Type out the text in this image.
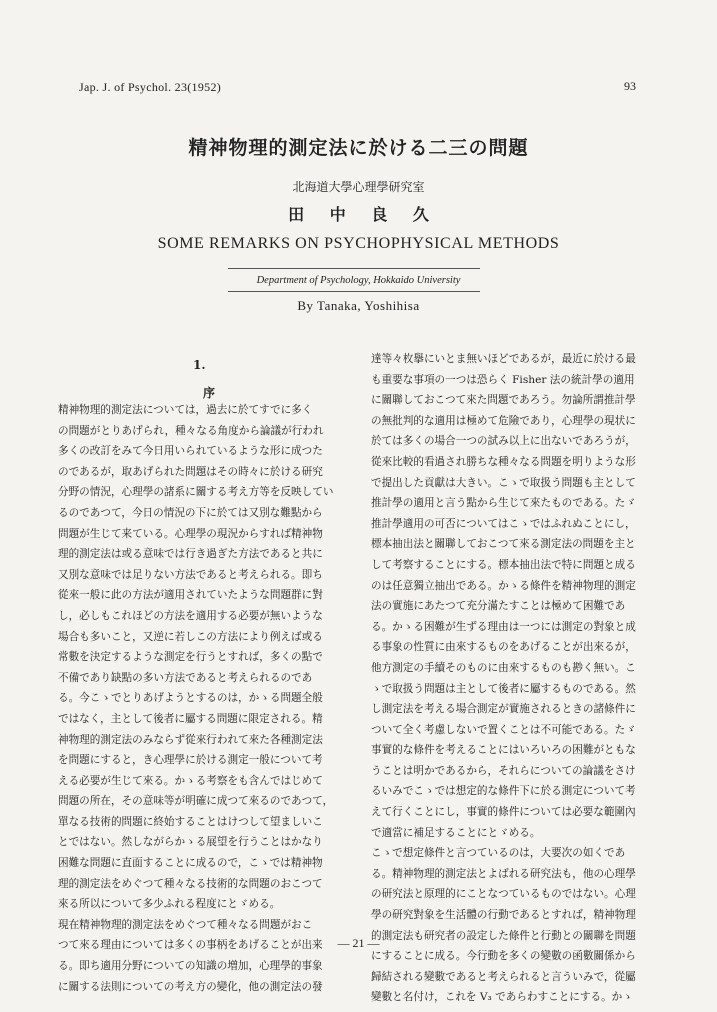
Jap. J. of Psychol. 23(1952)	93
精神物理的測定法に於ける二三の問題
北海道大學心理學研究室
田 中 良 久
SOME REMARKS ON PSYCHOPHYSICAL METHODS
Department of Psychology, Hokkaido University
By Tanaka, Yoshihisa
1.
序
精神物理的測定法については，過去に於てすでに多く
の問題がとりあげられ，種々なる角度から論議が行われ
多くの改訂をみて今日用いられているような形に成つた
のであるが，取あげられた問題はその時々に於ける研究
分野の情況，心理學の諸系に關する考え方等を反映してい
るのであつて，今日の情況の下に於ては又別な難點から
問題が生じて来ている。心理學の現況からすれば精神物
理的測定法は或る意味では行き過ぎた方法であると共に
又別な意味では足りない方法であると考えられる。即ち
從來一般に此の方法が適用されていたような問題群に對
し，必しもこれほどの方法を適用する必要が無いような
場合も多いこと，又逆に若しこの方法により例えば或る
常數を決定するような測定を行うとすれば，多くの點で
不備であり缺點の多い方法であると考えられるのであ
る。今こゝでとりあげようとするのは，かゝる問題全般
ではなく，主として後者に屬する問題に限定される。精
神物理的測定法のみならず從來行われて來た各種測定法
を問題にすると，き心理學に於ける測定一般について考
える必要が生じて來る。かゝる考察をも含んではじめて
問題の所在，その意味等が明確に成つて來るのであつて，
單なる技術的問題に終始することはけつして望ましいこ
とではない。然しながらかゝる展望を行うことはかなり
困難な問題に直面することに成るので，こゝでは精神物
理的測定法をめぐつて種々なる技術的な問題のおこつて
來る所以について多少ふれる程度にとゞめる。
現在精神物理的測定法をめぐつて種々なる問題がおこ
つて來る理由については多くの事柄をあげることが出来
る。即ち適用分野についての知識の増加，心理學的事象
に關する法則についての考え方の變化，他の測定法の發
達等々枚擧にいとま無いほどであるが，最近に於ける最
も重要な事項の一つは恐らく Fisher 法の統計學の適用
に關聯しておこつて來た問題であろう。勿論所謂推計學
の無批判的な適用は極めて危險であり，心理學の現状に
於ては多くの場合一つの試み以上に出ないであろうが，
從來比較的看過され勝ちな種々なる問題を明りような形
で提出した貢獻は大きい。こゝで取扱う問題も主として
推計學の適用と言う點から生じて來たものである。たゞ
推計學適用の可否についてはこゝではふれぬことにし，
標本抽出法と關聯しておこつて來る測定法の問題を主と
して考察することにする。標本抽出法で特に問題と成る
のは任意獨立抽出である。かゝる條件を精神物理的測定
法の實施にあたつて充分滿たすことは極めて困難であ
る。かゝる困難が生ずる理由は一つには測定の對象と成
る事象の性質に由來するものをあげることが出來るが，
他方測定の手續そのものに由來するものも尠く無い。こ
ゝで取扱う問題は主として後者に屬するものである。然
し測定法を考える場合測定が實施されるときの諸條件に
ついて全く考慮しないで置くことは不可能である。たゞ
事實的な條件を考えることにはいろいろの困難がともな
うことは明かであるから，それらについての論議をさけ
るいみでこゝでは想定的な條件下に於る測定について考
えて行くことにし，事實的條件については必要な範圍內
で適當に補足することにとゞめる。
こゝで想定條件と言つているのは，大要次の如くであ
る。精神物理的測定法とよばれる研究法も，他の心理學
の研究法と原理的にことなつているものではない。心理
學の研究對象を生活體の行動であるとすれば，精神物理
的測定法も研究者の設定した條件と行動との關聯を問題
にすることに成る。今行動を多くの變數の函數關係から
歸結される變數であると考えられると言ういみで，從屬
變數と名付け，これを V₃ であらわすことにする。かゝ
— 21 —
